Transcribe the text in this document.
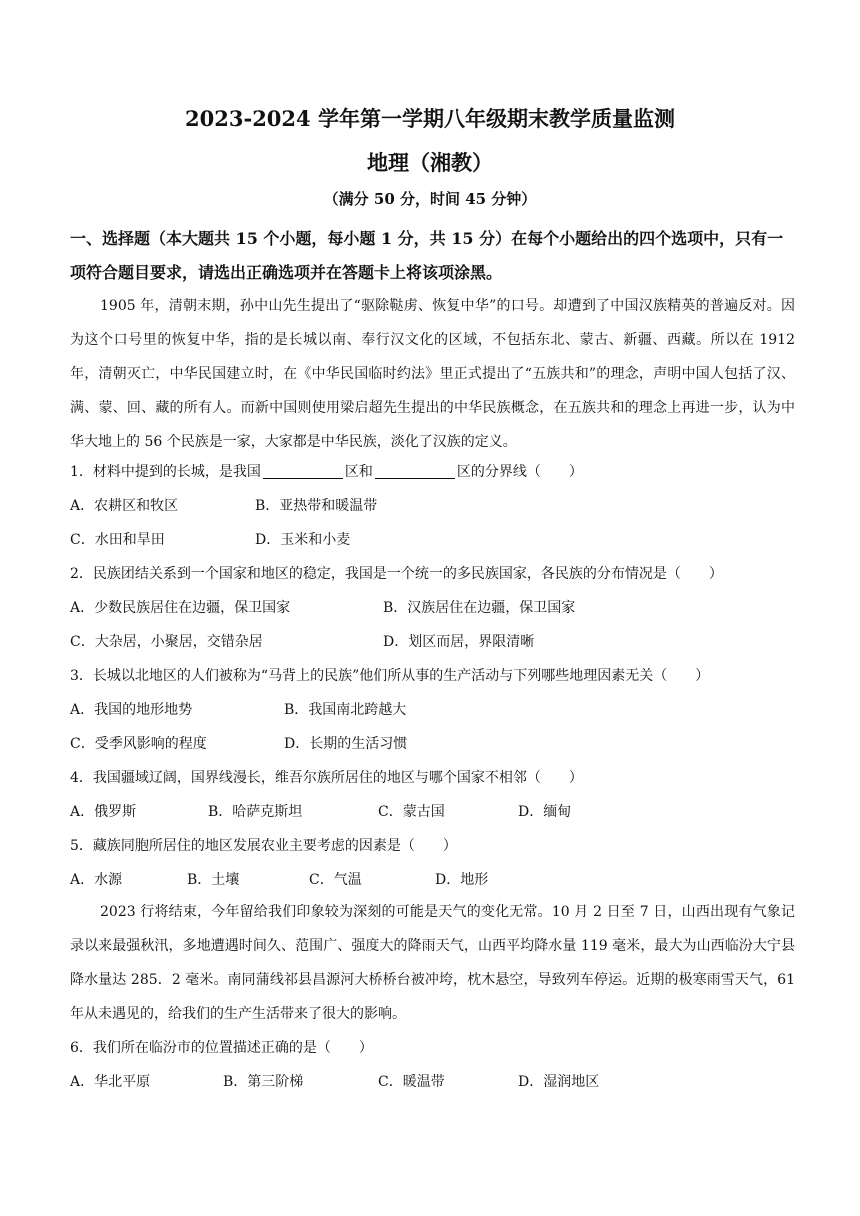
2023-2024 学年第一学期八年级期末教学质量监测
地理（湘教）
（满分 50 分，时间 45 分钟）
一、选择题（本大题共 15 个小题，每小题 1 分，共 15 分）在每个小题给出的四个选项中，只有一项符合题目要求，请选出正确选项并在答题卡上将该项涂黑。
1905 年，清朝末期，孙中山先生提出了“驱除鞑虏、恢复中华”的口号。却遭到了中国汉族精英的普遍反对。因为这个口号里的恢复中华，指的是长城以南、奉行汉文化的区域，不包括东北、蒙古、新疆、西藏。所以在 1912 年，清朝灭亡，中华民国建立时，在《中华民国临时约法》里正式提出了“五族共和”的理念，声明中国人包括了汉、满、蒙、回、藏的所有人。而新中国则使用梁启超先生提出的中华民族概念，在五族共和的理念上再进一步，认为中华大地上的 56 个民族是一家，大家都是中华民族，淡化了汉族的定义。
1．材料中提到的长城，是我国	区和	区的分界线（　　）
A．农耕区和牧区	B．亚热带和暖温带
C．水田和旱田	D．玉米和小麦
2．民族团结关系到一个国家和地区的稳定，我国是一个统一的多民族国家，各民族的分布情况是（　　）
A．少数民族居住在边疆，保卫国家	B．汉族居住在边疆，保卫国家
C．大杂居，小聚居，交错杂居	D．划区而居，界限清晰
3．长城以北地区的人们被称为“马背上的民族”他们所从事的生产活动与下列哪些地理因素无关（　　）
A．我国的地形地势	B．我国南北跨越大
C．受季风影响的程度	D．长期的生活习惯
4．我国疆域辽阔，国界线漫长，维吾尔族所居住的地区与哪个国家不相邻（　　）
A．俄罗斯	B．哈萨克斯坦	C．蒙古国	D．缅甸
5．藏族同胞所居住的地区发展农业主要考虑的因素是（　　）
A．水源	B．土壤	C．气温	D．地形
2023 行将结束，今年留给我们印象较为深刻的可能是天气的变化无常。10 月 2 日至 7 日，山西出现有气象记录以来最强秋汛，多地遭遇时间久、范围广、强度大的降雨天气，山西平均降水量 119 毫米，最大为山西临汾大宁县降水量达 285．2 毫米。南同蒲线祁县昌源河大桥桥台被冲垮，枕木悬空，导致列车停运。近期的极寒雨雪天气，61 年从未遇见的，给我们的生产生活带来了很大的影响。
6．我们所在临汾市的位置描述正确的是（　　）
A．华北平原	B．第三阶梯	C．暖温带	D．湿润地区
